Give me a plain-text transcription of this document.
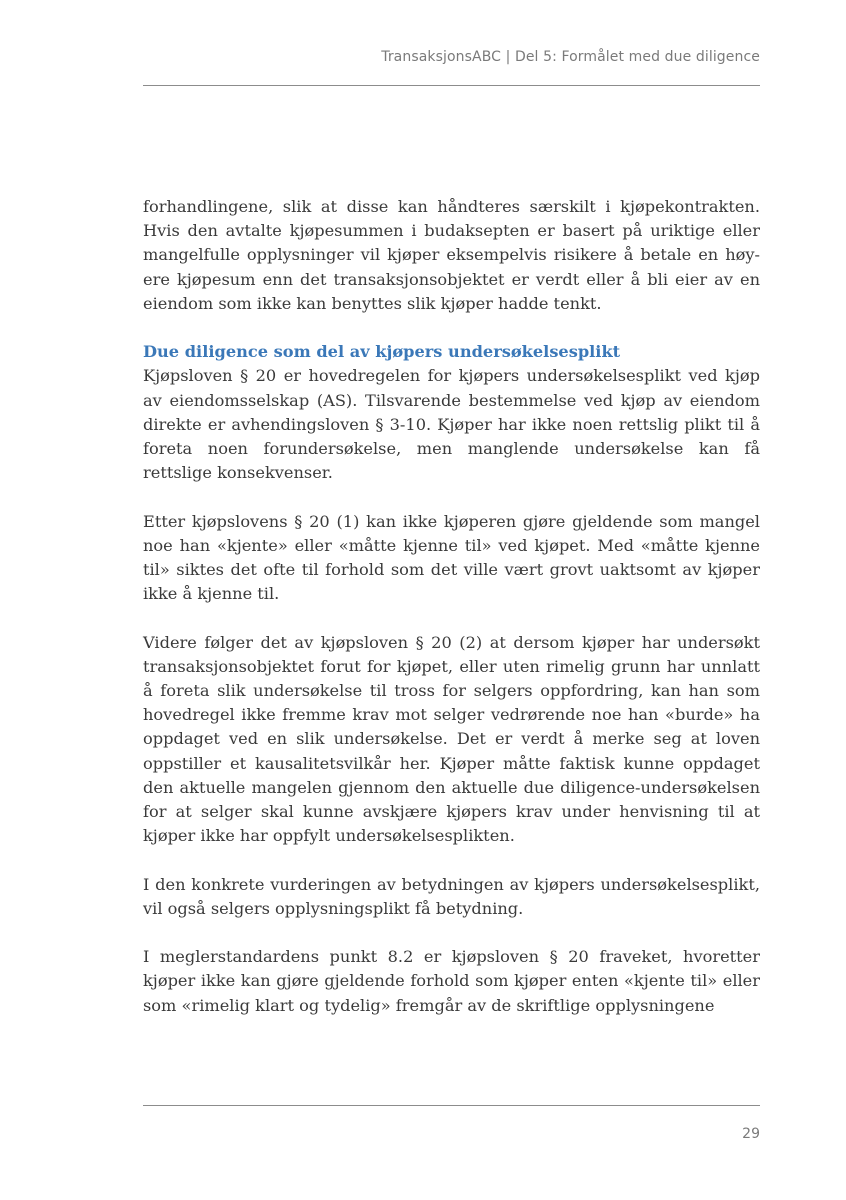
TransaksjonsABC | Del 5: Formålet med due diligence

forhandlingene, slik at disse kan håndteres særskilt i kjøpekontrakten. Hvis den avtalte kjøpesummen i budaksepten er basert på uriktige eller mangelfulle opplysninger vil kjøper eksempelvis risikere å betale en høyere kjøpesum enn det transaksjonsobjektet er verdt eller å bli eier av en eiendom som ikke kan benyttes slik kjøper hadde tenkt.

Due diligence som del av kjøpers undersøkelsesplikt

Kjøpsloven § 20 er hovedregelen for kjøpers undersøkelsesplikt ved kjøp av eiendomsselskap (AS). Tilsvarende bestemmelse ved kjøp av eiendom direkte er avhendingsloven § 3-10. Kjøper har ikke noen rettslig plikt til å foreta noen forundersøkelse, men manglende undersøkelse kan få rettslige konsekvenser.

Etter kjøpslovens § 20 (1) kan ikke kjøperen gjøre gjeldende som mangel noe han «kjente» eller «måtte kjenne til» ved kjøpet. Med «måtte kjenne til» siktes det ofte til forhold som det ville vært grovt uaktsomt av kjøper ikke å kjenne til.

Videre følger det av kjøpsloven § 20 (2) at dersom kjøper har undersøkt transaksjonsobjektet forut for kjøpet, eller uten rimelig grunn har unnlatt å foreta slik undersøkelse til tross for selgers oppfordring, kan han som hovedregel ikke fremme krav mot selger vedrørende noe han «burde» ha oppdaget ved en slik undersøkelse. Det er verdt å merke seg at loven oppstiller et kausalitetsvilkår her. Kjøper måtte faktisk kunne oppdaget den aktuelle mangelen gjennom den aktuelle due diligence-undersøkelsen for at selger skal kunne avskjære kjøpers krav under henvisning til at kjøper ikke har oppfylt undersøkelsesplikten.

I den konkrete vurderingen av betydningen av kjøpers undersøkelsesplikt, vil også selgers opplysningsplikt få betydning.

I meglerstandardens punkt 8.2 er kjøpsloven § 20 fraveket, hvoretter kjøper ikke kan gjøre gjeldende forhold som kjøper enten «kjente til» eller som «rimelig klart og tydelig» fremgår av de skriftlige opplysningene

29
